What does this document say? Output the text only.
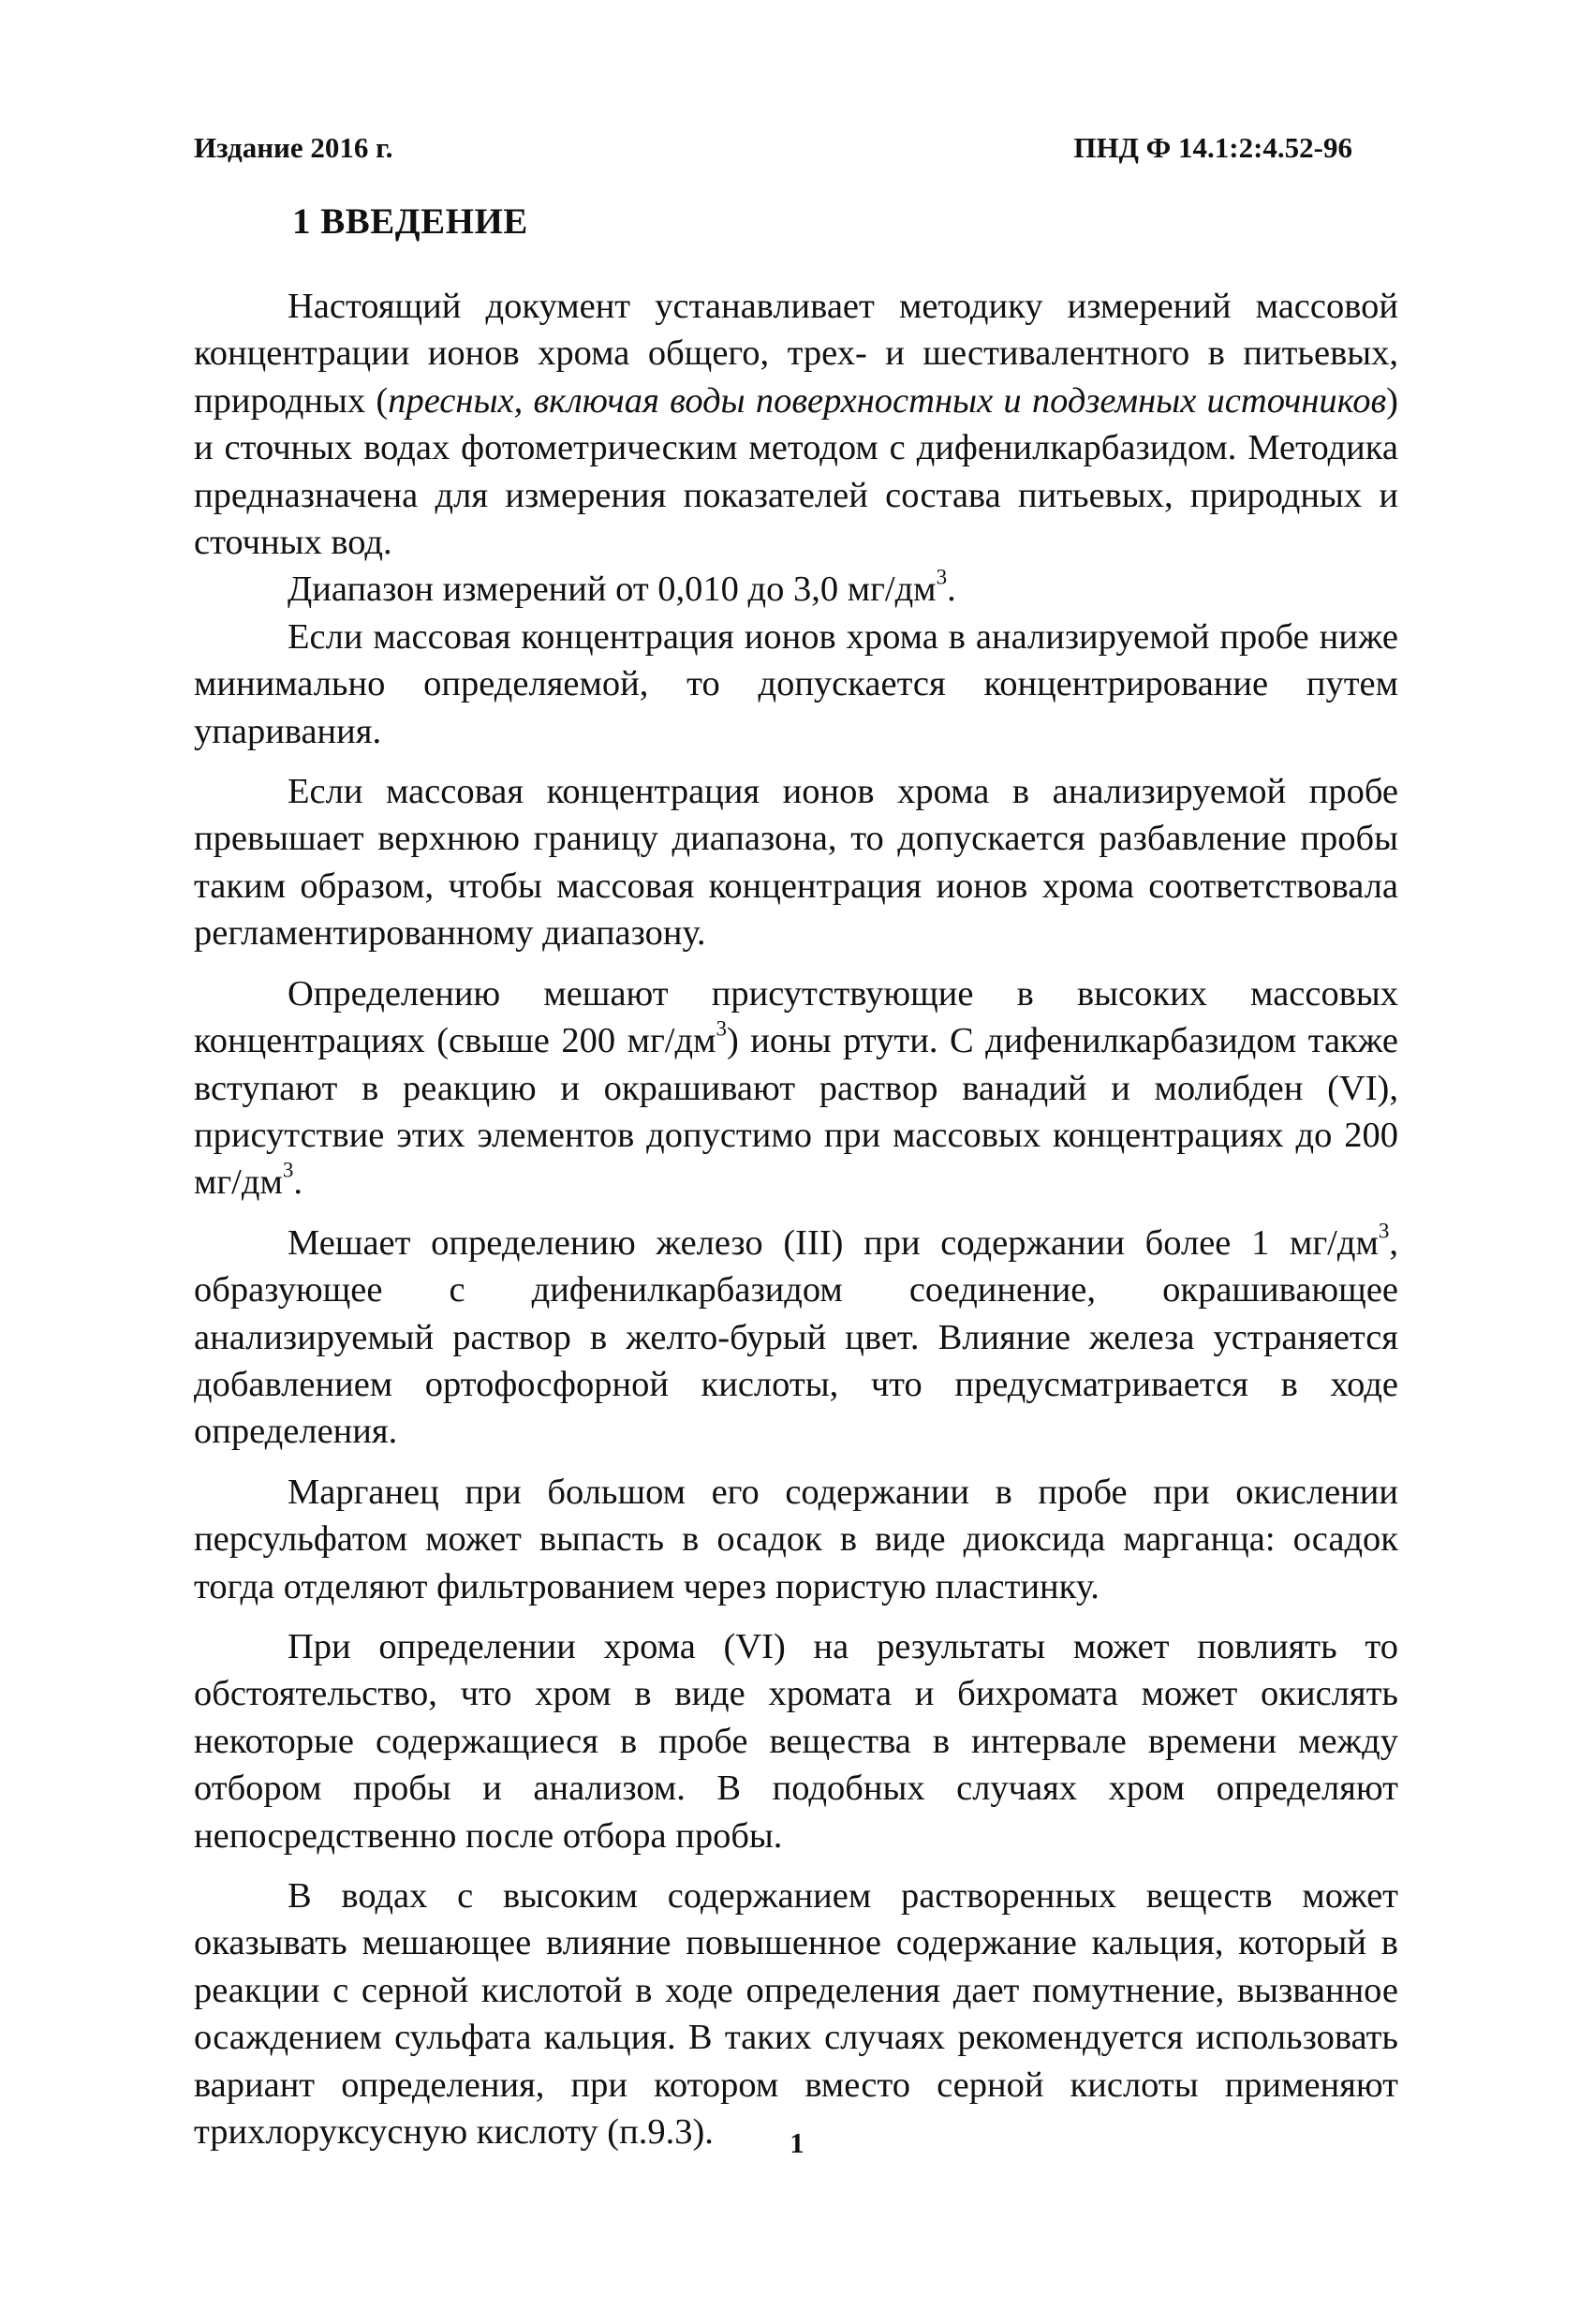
Издание 2016 г.	ПНД Ф 14.1:2:4.52-96
1 ВВЕДЕНИЕ

Настоящий документ устанавливает методику измерений массовой концентрации ионов хрома общего, трех- и шестивалентного в питьевых, природных (пресных, включая воды поверхностных и подземных источников) и сточных водах фотометрическим методом с дифенилкарбазидом. Методика предназначена для измерения показателей состава питьевых, природных и сточных вод.

Диапазон измерений от 0,010 до 3,0 $мг/дм^3$.

Если массовая концентрация ионов хрома в анализируемой пробе ниже минимально определяемой, то допускается концентрирование путем упаривания.

Если массовая концентрация ионов хрома в анализируемой пробе превышает верхнюю границу диапазона, то допускается разбавление пробы таким образом, чтобы массовая концентрация ионов хрома соответствовала регламентированному диапазону.

Определению мешают присутствующие в высоких массовых концентрациях (свыше 200 $мг/дм^3$) ионы ртути. С дифенилкарбазидом также вступают в реакцию и окрашивают раствор ванадий и молибден (VI), присутствие этих элементов допустимо при массовых концентрациях до 200 $мг/дм^3$.

Мешает определению железо (III) при содержании более 1 $мг/дм^3$, образующее с дифенилкарбазидом соединение, окрашивающее анализируемый раствор в желто-бурый цвет. Влияние железа устраняется добавлением ортофосфорной кислоты, что предусматривается в ходе определения.

Марганец при большом его содержании в пробе при окислении персульфатом может выпасть в осадок в виде диоксида марганца: осадок тогда отделяют фильтрованием через пористую пластинку.

При определении хрома (VI) на результаты может повлиять то обстоятельство, что хром в виде хромата и бихромата может окислять некоторые содержащиеся в пробе вещества в интервале времени между отбором пробы и анализом. В подобных случаях хром определяют непосредственно после отбора пробы.

В водах с высоким содержанием растворенных веществ может оказывать мешающее влияние повышенное содержание кальция, который в реакции с серной кислотой в ходе определения дает помутнение, вызванное осаждением сульфата кальция. В таких случаях рекомендуется использовать вариант определения, при котором вместо серной кислоты применяют трихлоруксусную кислоту (п.9.3).	1
